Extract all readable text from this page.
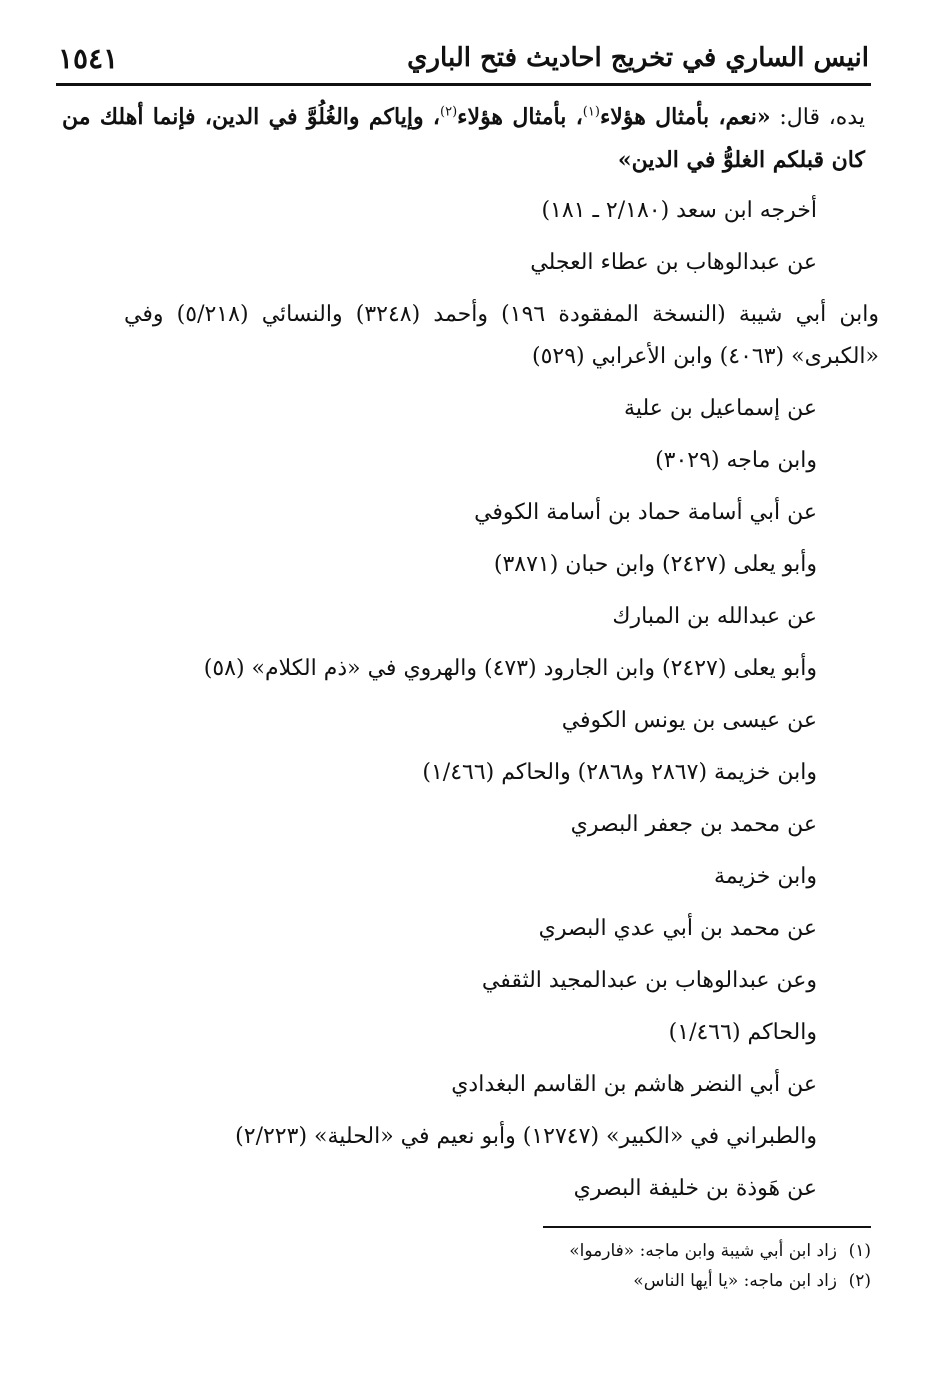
انيس الساري في تخريج احاديث فتح الباري
١٥٤١

يده، قال: «نعم، بأمثال هؤلاء$^{(١)}$، بأمثال هؤلاء$^{(٢)}$، وإياكم والغُلُوَّ في الدين، فإنما أهلك من كان قبلكم الغلوُّ في الدين»

أخرجه ابن سعد (٢/١٨٠ ـ ١٨١)
عن عبدالوهاب بن عطاء العجلي
وابن أبي شيبة (النسخة المفقودة ١٩٦) وأحمد (٣٢٤٨) والنسائي (٥/٢١٨) وفي «الكبرى» (٤٠٦٣) وابن الأعرابي (٥٢٩)
عن إسماعيل بن علية
وابن ماجه (٣٠٢٩)
عن أبي أسامة حماد بن أسامة الكوفي
وأبو يعلى (٢٤٢٧) وابن حبان (٣٨٧١)
عن عبدالله بن المبارك
وأبو يعلى (٢٤٢٧) وابن الجارود (٤٧٣) والهروي في «ذم الكلام» (٥٨)
عن عيسى بن يونس الكوفي
وابن خزيمة (٢٨٦٧ و٢٨٦٨) والحاكم (١/٤٦٦)
عن محمد بن جعفر البصري
وابن خزيمة
عن محمد بن أبي عدي البصري
وعن عبدالوهاب بن عبدالمجيد الثقفي
والحاكم (١/٤٦٦)
عن أبي النضر هاشم بن القاسم البغدادي
والطبراني في «الكبير» (١٢٧٤٧) وأبو نعيم في «الحلية» (٢/٢٢٣)
عن هَوذة بن خليفة البصري
(١)زاد ابن أبي شيبة وابن ماجه: «فارموا»
(٢)زاد ابن ماجه: «يا أيها الناس»
